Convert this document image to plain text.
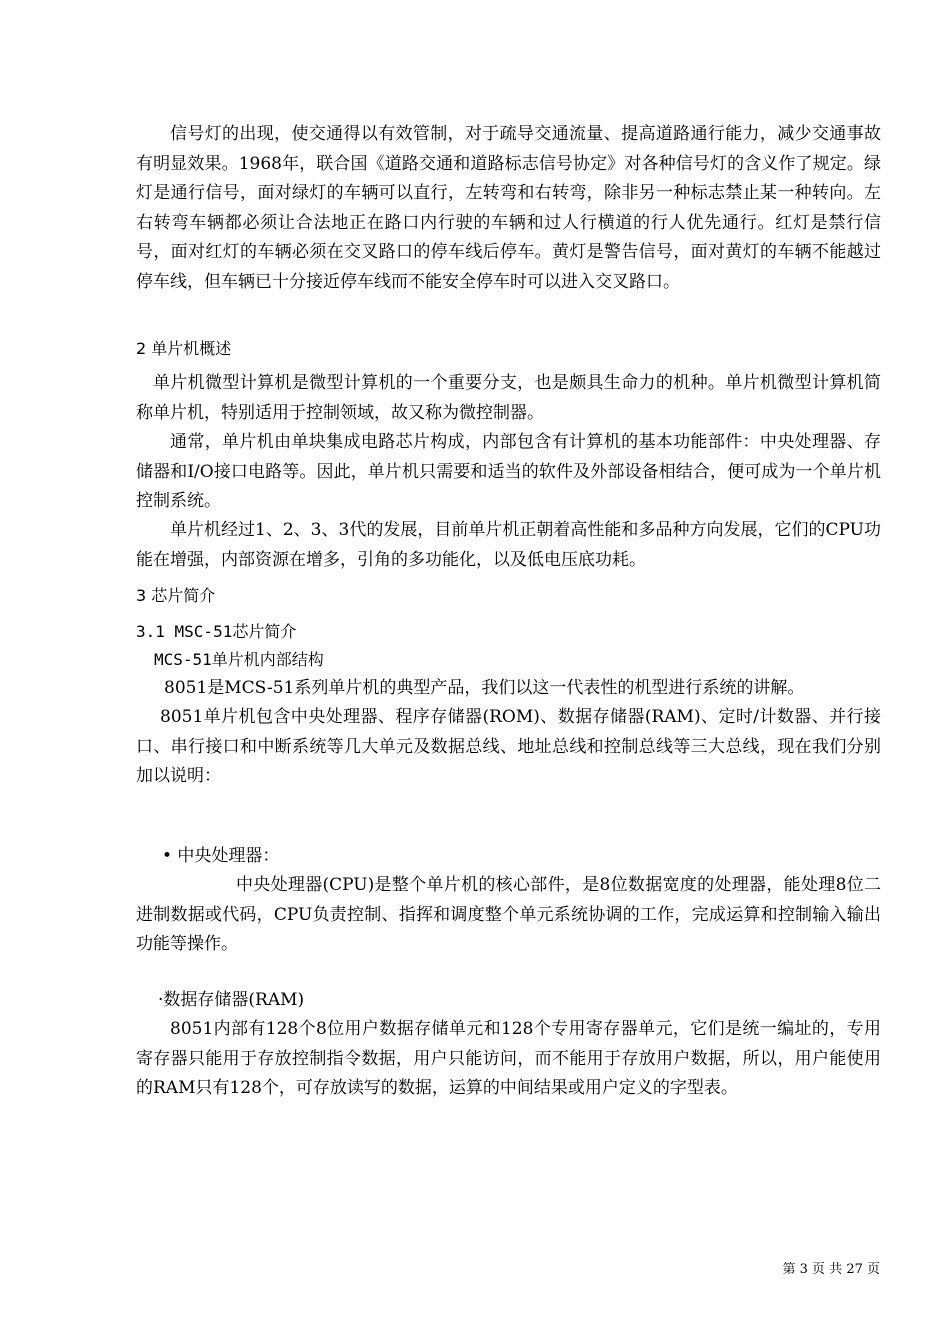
信号灯的出现，使交通得以有效管制，对于疏导交通流量、提高道路通行能力，减少交通事故有明显效果。1968年，联合国《道路交通和道路标志信号协定》对各种信号灯的含义作了规定。绿灯是通行信号，面对绿灯的车辆可以直行，左转弯和右转弯，除非另一种标志禁止某一种转向。左右转弯车辆都必须让合法地正在路口内行驶的车辆和过人行横道的行人优先通行。红灯是禁行信号，面对红灯的车辆必须在交叉路口的停车线后停车。黄灯是警告信号，面对黄灯的车辆不能越过停车线，但车辆已十分接近停车线而不能安全停车时可以进入交叉路口。

2 单片机概述

单片机微型计算机是微型计算机的一个重要分支，也是颇具生命力的机种。单片机微型计算机简称单片机，特别适用于控制领域，故又称为微控制器。

通常，单片机由单块集成电路芯片构成，内部包含有计算机的基本功能部件：中央处理器、存储器和I/O接口电路等。因此，单片机只需要和适当的软件及外部设备相结合，便可成为一个单片机控制系统。

单片机经过1、2、3、3代的发展，目前单片机正朝着高性能和多品种方向发展，它们的CPU功能在增强，内部资源在增多，引角的多功能化，以及低电压底功耗。

3 芯片简介

3.1 MSC-51芯片简介

MCS-51单片机内部结构

8051是MCS-51系列单片机的典型产品，我们以这一代表性的机型进行系统的讲解。

8051单片机包含中央处理器、程序存储器(ROM)、数据存储器(RAM)、定时/计数器、并行接口、串行接口和中断系统等几大单元及数据总线、地址总线和控制总线等三大总线，现在我们分别加以说明：

• 中央处理器：

中央处理器(CPU)是整个单片机的核心部件，是8位数据宽度的处理器，能处理8位二进制数据或代码，CPU负责控制、指挥和调度整个单元系统协调的工作，完成运算和控制输入输出功能等操作。

·数据存储器(RAM)

8051内部有128个8位用户数据存储单元和128个专用寄存器单元，它们是统一编址的，专用寄存器只能用于存放控制指令数据，用户只能访问，而不能用于存放用户数据，所以，用户能使用的RAM只有128个，可存放读写的数据，运算的中间结果或用户定义的字型表。

第 3 页 共 27 页
